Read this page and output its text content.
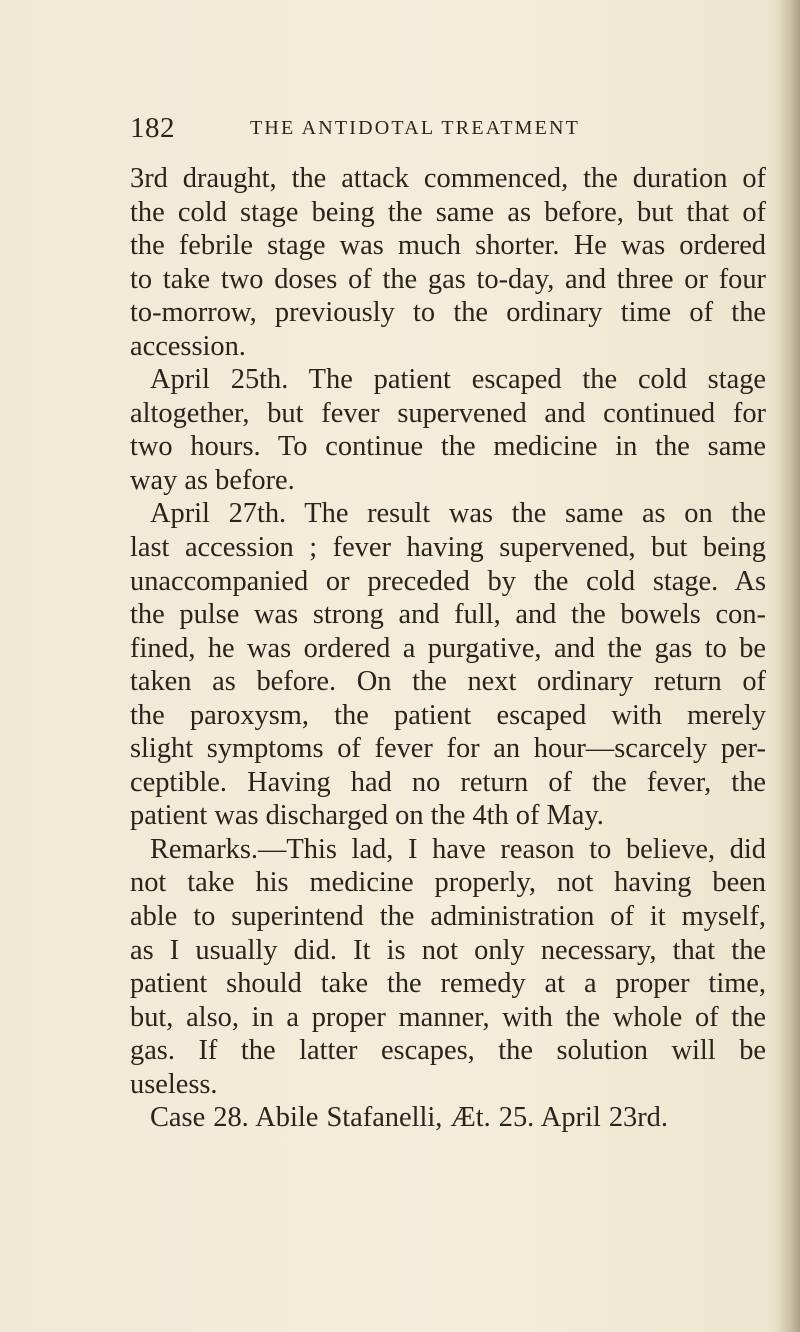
182	THE ANTIDOTAL TREATMENT
3rd draught, the attack commenced, the duration of
the cold stage being the same as before, but that of
the febrile stage was much shorter. He was ordered
to take two doses of the gas to-day, and three or four
to-morrow, previously to the ordinary time of the
accession.
April 25th. The patient escaped the cold stage
altogether, but fever supervened and continued for
two hours. To continue the medicine in the same
way as before.
April 27th. The result was the same as on the
last accession ; fever having supervened, but being
unaccompanied or preceded by the cold stage. As
the pulse was strong and full, and the bowels con-
fined, he was ordered a purgative, and the gas to be
taken as before. On the next ordinary return of
the paroxysm, the patient escaped with merely
slight symptoms of fever for an hour—scarcely per-
ceptible. Having had no return of the fever, the
patient was discharged on the 4th of May.
Remarks.—This lad, I have reason to believe, did
not take his medicine properly, not having been
able to superintend the administration of it myself,
as I usually did. It is not only necessary, that the
patient should take the remedy at a proper time,
but, also, in a proper manner, with the whole of the
gas. If the latter escapes, the solution will be
useless.
Case 28. Abile Stafanelli, Æt. 25. April 23rd.
